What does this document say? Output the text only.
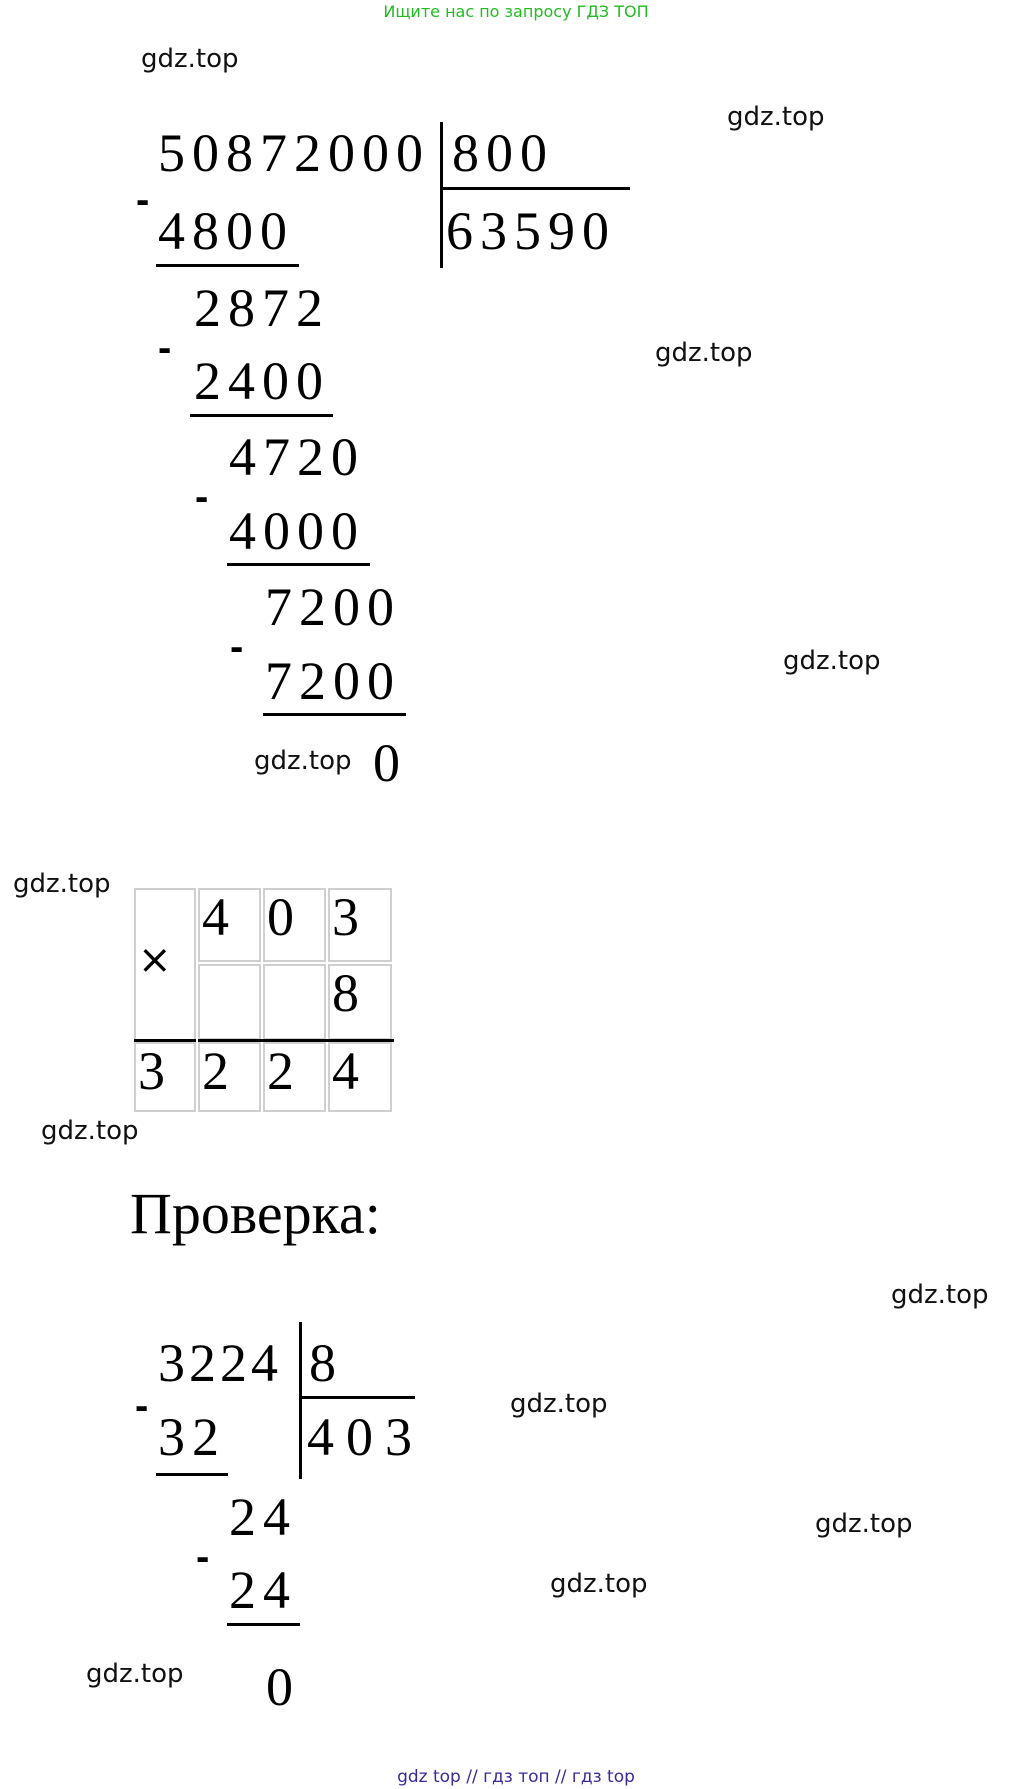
Ищите нас по запросу ГДЗ ТОП
gdz.top
gdz.top
gdz.top
gdz.top
gdz.top
gdz.top
gdz.top
gdz.top
gdz.top
gdz.top
gdz.top
gdz.top
50872000 800
63590
-
4800
2872
-
2400
4720
-
4000
7200
-
7200
0
×
4 0 3
8
3 2 2 4
Проверка:
3224 8
403
-
32
24
-
24
0
gdz top // гдз топ // гдз top
